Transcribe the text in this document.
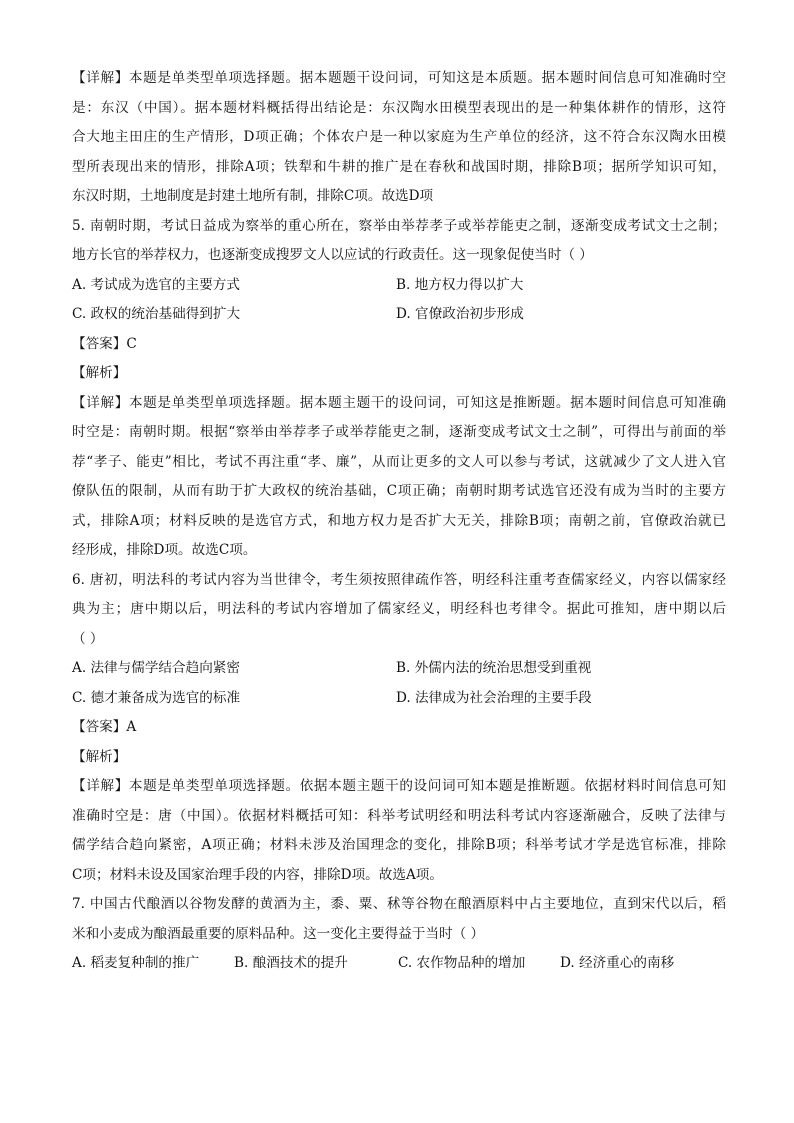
【详解】本题是单类型单项选择题。据本题题干设问词，可知这是本质题。据本题时间信息可知准确时空
是：东汉（中国）。据本题材料概括得出结论是：东汉陶水田模型表现出的是一种集体耕作的情形，这符
合大地主田庄的生产情形，D项正确；个体农户是一种以家庭为生产单位的经济，这不符合东汉陶水田模
型所表现出来的情形，排除A项；铁犁和牛耕的推广是在春秋和战国时期，排除B项；据所学知识可知，
东汉时期，土地制度是封建土地所有制，排除C项。故选D项
5. 南朝时期，考试日益成为察举的重心所在，察举由举荐孝子或举荐能吏之制，逐渐变成考试文士之制；
地方长官的举荐权力，也逐渐变成搜罗文人以应试的行政责任。这一现象促使当时（ ）
A. 考试成为选官的主要方式	B. 地方权力得以扩大
C. 政权的统治基础得到扩大	D. 官僚政治初步形成
【答案】C
【解析】
【详解】本题是单类型单项选择题。据本题主题干的设问词，可知这是推断题。据本题时间信息可知准确
时空是：南朝时期。根据“察举由举荐孝子或举荐能吏之制，逐渐变成考试文士之制”，可得出与前面的举
荐“孝子、能吏”相比，考试不再注重“孝、廉”，从而让更多的文人可以参与考试，这就减少了文人进入官
僚队伍的限制，从而有助于扩大政权的统治基础，C项正确；南朝时期考试选官还没有成为当时的主要方
式，排除A项；材料反映的是选官方式，和地方权力是否扩大无关，排除B项；南朝之前，官僚政治就已
经形成，排除D项。故选C项。
6. 唐初，明法科的考试内容为当世律令，考生须按照律疏作答，明经科注重考查儒家经义，内容以儒家经
典为主；唐中期以后，明法科的考试内容增加了儒家经义，明经科也考律令。据此可推知，唐中期以后
（ ）
A. 法律与儒学结合趋向紧密	B. 外儒内法的统治思想受到重视
C. 德才兼备成为选官的标准	D. 法律成为社会治理的主要手段
【答案】A
【解析】
【详解】本题是单类型单项选择题。依据本题主题干的设问词可知本题是推断题。依据材料时间信息可知
准确时空是：唐（中国）。依据材料概括可知：科举考试明经和明法科考试内容逐渐融合，反映了法律与
儒学结合趋向紧密，A项正确；材料未涉及治国理念的变化，排除B项；科举考试才学是选官标准，排除
C项；材料未设及国家治理手段的内容，排除D项。故选A项。
7. 中国古代酿酒以谷物发酵的黄酒为主，黍、粟、秫等谷物在酿酒原料中占主要地位，直到宋代以后，稻
米和小麦成为酿酒最重要的原料品种。这一变化主要得益于当时（ ）
A. 稻麦复种制的推广	B. 酿酒技术的提升	C. 农作物品种的增加	D. 经济重心的南移
